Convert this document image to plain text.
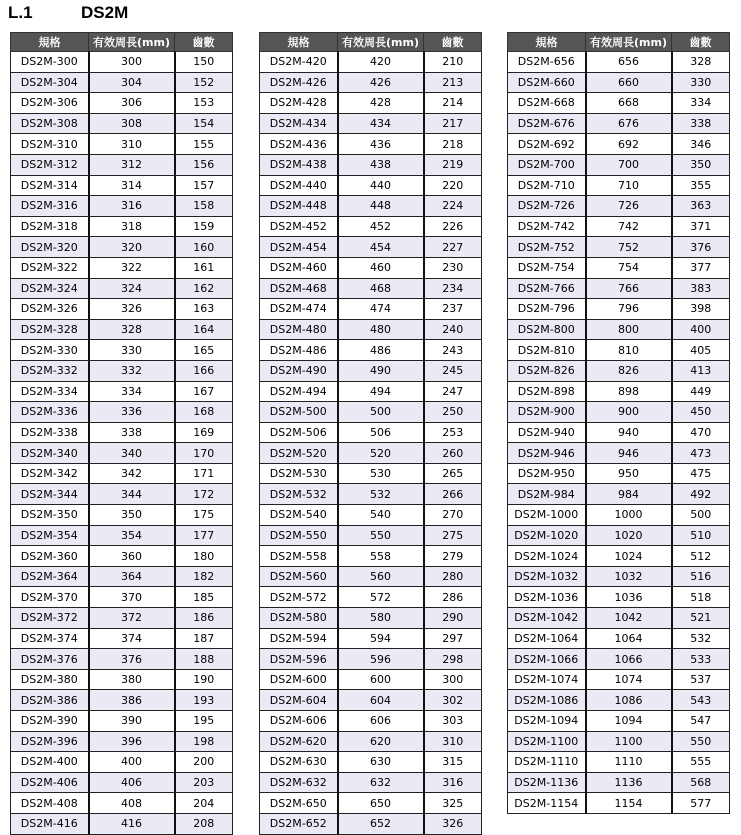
L.1	DS2M
規格	有效周長(mm)	齒數
DS2M-300	300	150
DS2M-304	304	152
DS2M-306	306	153
DS2M-308	308	154
DS2M-310	310	155
DS2M-312	312	156
DS2M-314	314	157
DS2M-316	316	158
DS2M-318	318	159
DS2M-320	320	160
DS2M-322	322	161
DS2M-324	324	162
DS2M-326	326	163
DS2M-328	328	164
DS2M-330	330	165
DS2M-332	332	166
DS2M-334	334	167
DS2M-336	336	168
DS2M-338	338	169
DS2M-340	340	170
DS2M-342	342	171
DS2M-344	344	172
DS2M-350	350	175
DS2M-354	354	177
DS2M-360	360	180
DS2M-364	364	182
DS2M-370	370	185
DS2M-372	372	186
DS2M-374	374	187
DS2M-376	376	188
DS2M-380	380	190
DS2M-386	386	193
DS2M-390	390	195
DS2M-396	396	198
DS2M-400	400	200
DS2M-406	406	203
DS2M-408	408	204
DS2M-416	416	208
規格	有效周長(mm)	齒數
DS2M-420	420	210
DS2M-426	426	213
DS2M-428	428	214
DS2M-434	434	217
DS2M-436	436	218
DS2M-438	438	219
DS2M-440	440	220
DS2M-448	448	224
DS2M-452	452	226
DS2M-454	454	227
DS2M-460	460	230
DS2M-468	468	234
DS2M-474	474	237
DS2M-480	480	240
DS2M-486	486	243
DS2M-490	490	245
DS2M-494	494	247
DS2M-500	500	250
DS2M-506	506	253
DS2M-520	520	260
DS2M-530	530	265
DS2M-532	532	266
DS2M-540	540	270
DS2M-550	550	275
DS2M-558	558	279
DS2M-560	560	280
DS2M-572	572	286
DS2M-580	580	290
DS2M-594	594	297
DS2M-596	596	298
DS2M-600	600	300
DS2M-604	604	302
DS2M-606	606	303
DS2M-620	620	310
DS2M-630	630	315
DS2M-632	632	316
DS2M-650	650	325
DS2M-652	652	326
規格	有效周長(mm)	齒數
DS2M-656	656	328
DS2M-660	660	330
DS2M-668	668	334
DS2M-676	676	338
DS2M-692	692	346
DS2M-700	700	350
DS2M-710	710	355
DS2M-726	726	363
DS2M-742	742	371
DS2M-752	752	376
DS2M-754	754	377
DS2M-766	766	383
DS2M-796	796	398
DS2M-800	800	400
DS2M-810	810	405
DS2M-826	826	413
DS2M-898	898	449
DS2M-900	900	450
DS2M-940	940	470
DS2M-946	946	473
DS2M-950	950	475
DS2M-984	984	492
DS2M-1000	1000	500
DS2M-1020	1020	510
DS2M-1024	1024	512
DS2M-1032	1032	516
DS2M-1036	1036	518
DS2M-1042	1042	521
DS2M-1064	1064	532
DS2M-1066	1066	533
DS2M-1074	1074	537
DS2M-1086	1086	543
DS2M-1094	1094	547
DS2M-1100	1100	550
DS2M-1110	1110	555
DS2M-1136	1136	568
DS2M-1154	1154	577
